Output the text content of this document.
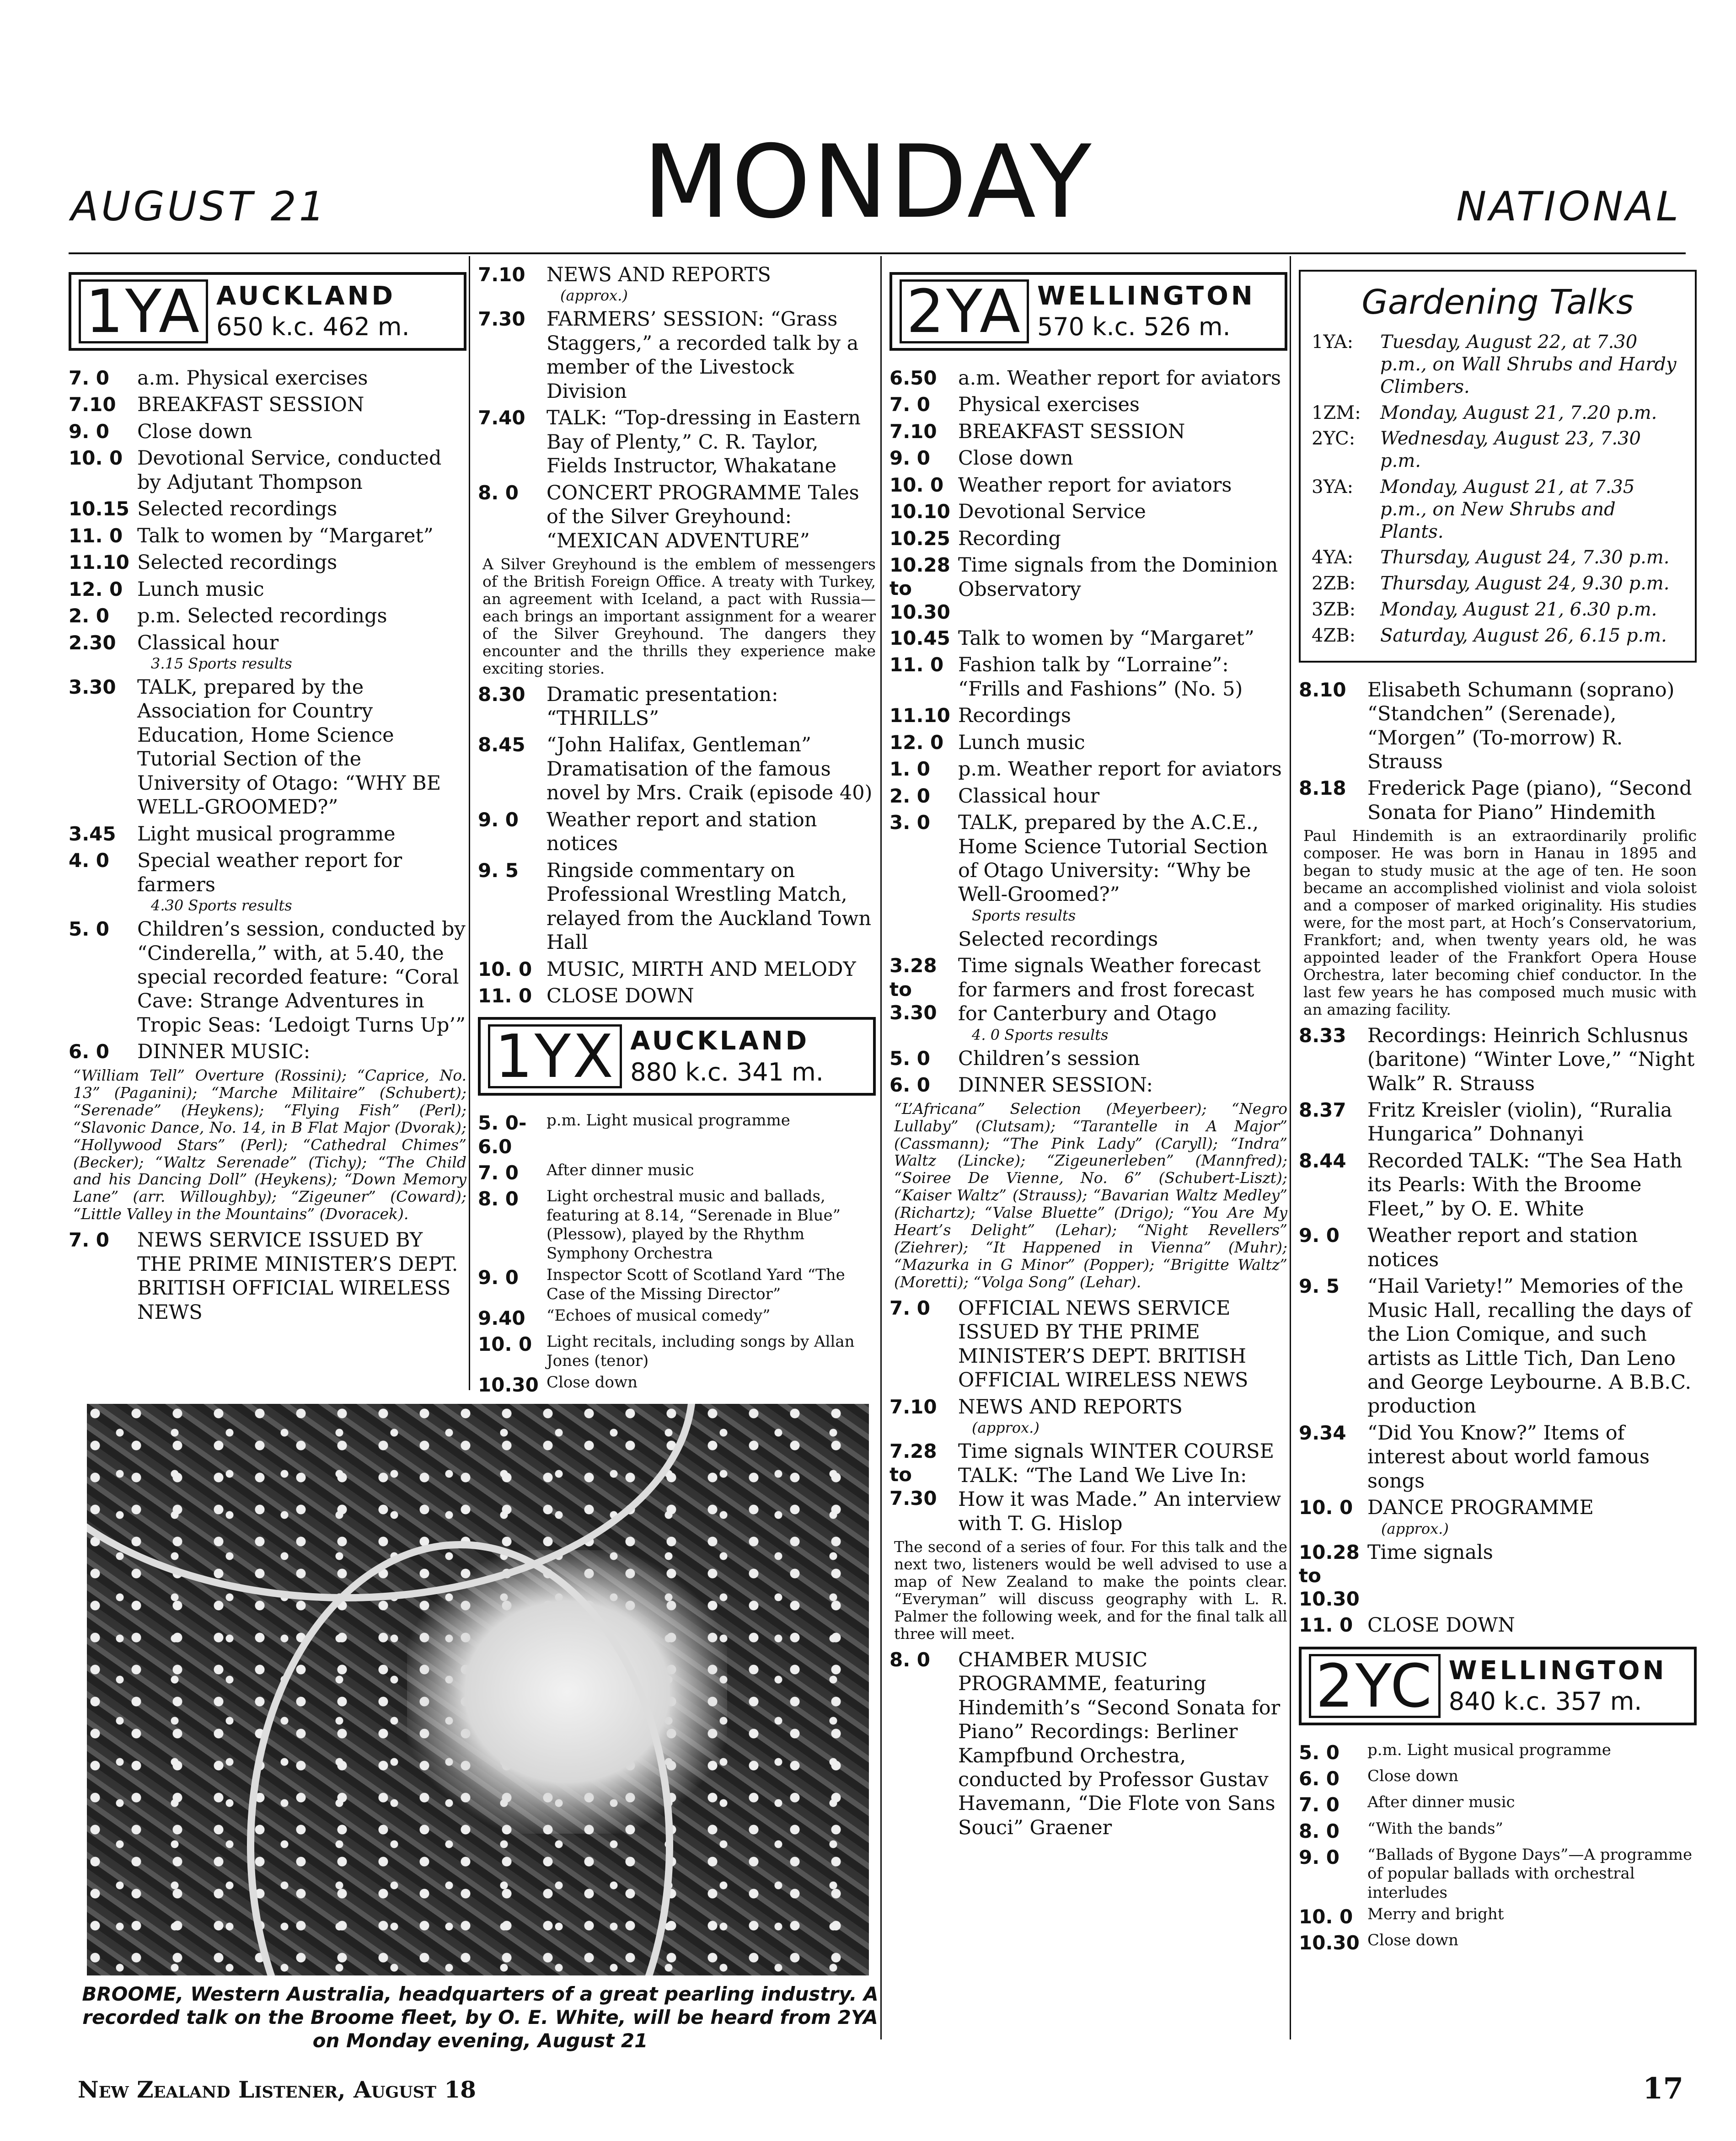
AUGUST 21	MONDAY	NATIONAL
1YA AUCKLAND
650 k.c. 462 m.
7. 0	a.m. Physical exercises
7.10	BREAKFAST SESSION
9. 0	Close down
10. 0 Devotional Service, conducted by Adjutant Thompson
10.15 Selected recordings
11. 0 Talk to women by “Margaret”
11.10 Selected recordings
12. 0 Lunch music
2. 0	p.m. Selected recordings
2.30	Classical hour
3.15 Sports results
3.30	TALK, prepared by the Association for Country Education, Home Science Tutorial Section of the University of Otago: “WHY BE WELL-GROOMED?”
3.45	Light musical programme
4. 0	Special weather report for farmers
4.30 Sports results
5. 0	Children’s session, conducted by “Cinderella,” with, at 5.40, the special recorded feature: “Coral Cave: Strange Adventures in Tropic Seas: ‘Ledoigt Turns Up’”
6. 0	DINNER MUSIC:
“William Tell” Overture (Rossini); “Caprice, No. 13” (Paganini); “Marche Militaire” (Schubert); “Serenade” (Heykens); “Flying Fish” (Perl); “Slavonic Dance, No. 14, in B Flat Major (Dvorak); “Hollywood Stars” (Perl); “Cathedral Chimes” (Becker); “Waltz Serenade” (Tichy); “The Child and his Dancing Doll” (Heykens); “Down Memory Lane” (arr. Willoughby); “Zigeuner” (Coward); “Little Valley in the Mountains” (Dvoracek).
7. 0	NEWS SERVICE ISSUED BY THE PRIME MINISTER’S DEPT. BRITISH OFFICIAL WIRELESS NEWS
7.10	NEWS AND REPORTS
(approx.)
7.30	FARMERS’ SESSION: “Grass Staggers,” a recorded talk by a member of the Livestock Division
7.40	TALK: “Top-dressing in Eastern Bay of Plenty,” C. R. Taylor, Fields Instructor, Whakatane
8. 0	CONCERT PROGRAMME Tales of the Silver Greyhound: “MEXICAN ADVENTURE”
A Silver Greyhound is the emblem of messengers of the British Foreign Office. A treaty with Turkey, an agreement with Iceland, a pact with Russia—each brings an important assignment for a wearer of the Silver Greyhound. The dangers they encounter and the thrills they experience make exciting stories.
8.30	Dramatic presentation: “THRILLS”
8.45	“John Halifax, Gentleman” Dramatisation of the famous novel by Mrs. Craik (episode 40)
9. 0	Weather report and station notices
9. 5	Ringside commentary on Professional Wrestling Match, relayed from the Auckland Town Hall
10. 0 MUSIC, MIRTH AND MELODY
11. 0 CLOSE DOWN
1YX AUCKLAND
880 k.c. 341 m.
5. 0-6.0
p.m. Light musical programme
7. 0	After dinner music
8. 0	Light orchestral music and ballads, featuring at 8.14, “Serenade in Blue” (Plessow), played by the Rhythm Symphony Orchestra
9. 0	Inspector Scott of Scotland Yard “The Case of the Missing Director”
9.40	“Echoes of musical comedy”
10. 0 Light recitals, including songs by Allan Jones (tenor)
10.30 Close down
2YA WELLINGTON
570 k.c. 526 m.
6.50	a.m. Weather report for aviators
7. 0	Physical exercises
7.10	BREAKFAST SESSION
9. 0	Close down
10. 0 Weather report for aviators
10.10 Devotional Service
10.25 Recording
10.28 to 10.30
Time signals from the Dominion Observatory
10.45 Talk to women by “Margaret”
11. 0 Fashion talk by “Lorraine”: “Frills and Fashions” (No. 5)
11.10 Recordings
12. 0 Lunch music
1. 0	p.m. Weather report for aviators
2. 0	Classical hour
3. 0	TALK, prepared by the A.C.E., Home Science Tutorial Section of Otago University: “Why be Well-Groomed?”
Sports results
Selected recordings
3.28 to 3.30
Time signals Weather forecast for farmers and frost forecast for Canterbury and Otago
4. 0 Sports results
5. 0	Children’s session
6. 0	DINNER SESSION:
“L’Africana” Selection (Meyerbeer); “Negro Lullaby” (Clutsam); “Tarantelle in A Major” (Cassmann); “The Pink Lady” (Caryll); “Indra” Waltz (Lincke); “Zigeunerleben” (Mannfred); “Soiree De Vienne, No. 6” (Schubert-Liszt); “Kaiser Waltz” (Strauss); “Bavarian Waltz Medley” (Richartz); “Valse Bluette” (Drigo); “You Are My Heart’s Delight” (Lehar); “Night Revellers” (Ziehrer); “It Happened in Vienna” (Muhr); “Mazurka in G Minor” (Popper); “Brigitte Waltz” (Moretti); “Volga Song” (Lehar).
7. 0	OFFICIAL NEWS SERVICE ISSUED BY THE PRIME MINISTER’S DEPT. BRITISH OFFICIAL WIRELESS NEWS
7.10	NEWS AND REPORTS
(approx.)
7.28 to 7.30
Time signals WINTER COURSE TALK: “The Land We Live In: How it was Made.” An interview with T. G. Hislop
The second of a series of four. For this talk and the next two, listeners would be well advised to use a map of New Zealand to make the points clear. “Everyman” will discuss geography with L. R. Palmer the following week, and for the final talk all three will meet.
8. 0	CHAMBER MUSIC PROGRAMME, featuring Hindemith’s “Second Sonata for Piano” Recordings: Berliner Kampfbund Orchestra, conducted by Professor Gustav Havemann, “Die Flote von Sans Souci” Graener
Gardening Talks
1YA:	Tuesday, August 22, at 7.30 p.m., on Wall Shrubs and Hardy Climbers.
1ZM:	Monday, August 21, 7.20 p.m.
2YC:	Wednesday, August 23, 7.30 p.m.
3YA:	Monday, August 21, at 7.35 p.m., on New Shrubs and Plants.
4YA:	Thursday, August 24, 7.30 p.m.
2ZB:	Thursday, August 24, 9.30 p.m.
3ZB:	Monday, August 21, 6.30 p.m.
4ZB:	Saturday, August 26, 6.15 p.m.
8.10	Elisabeth Schumann (soprano) “Standchen” (Serenade), “Morgen” (To-morrow) R. Strauss
8.18	Frederick Page (piano), “Second Sonata for Piano” Hindemith
Paul Hindemith is an extraordinarily prolific composer. He was born in Hanau in 1895 and began to study music at the age of ten. He soon became an accomplished violinist and viola soloist and a composer of marked originality. His studies were, for the most part, at Hoch’s Conservatorium, Frankfort; and, when twenty years old, he was appointed leader of the Frankfort Opera House Orchestra, later becoming chief conductor. In the last few years he has composed much music with an amazing facility.
8.33	Recordings: Heinrich Schlusnus (baritone) “Winter Love,” “Night Walk” R. Strauss
8.37	Fritz Kreisler (violin), “Ruralia Hungarica” Dohnanyi
8.44	Recorded TALK: “The Sea Hath its Pearls: With the Broome Fleet,” by O. E. White
9. 0	Weather report and station notices
9. 5	“Hail Variety!” Memories of the Music Hall, recalling the days of the Lion Comique, and such artists as Little Tich, Dan Leno and George Leybourne. A B.B.C. production
9.34	“Did You Know?” Items of interest about world famous songs
10. 0 DANCE PROGRAMME
(approx.)
10.28 to 10.30
Time signals
11. 0 CLOSE DOWN
2YC WELLINGTON
840 k.c. 357 m.
5. 0	p.m. Light musical programme
6. 0	Close down
7. 0	After dinner music
8. 0	“With the bands”
9. 0	“Ballads of Bygone Days”—A programme of popular ballads with orchestral interludes
10. 0 Merry and bright
10.30 Close down
BROOME, Western Australia, headquarters of a great pearling industry. A recorded talk on the Broome fleet, by O. E. White, will be heard from 2YA on Monday evening, August 21
New Zealand Listener, August 18	17
